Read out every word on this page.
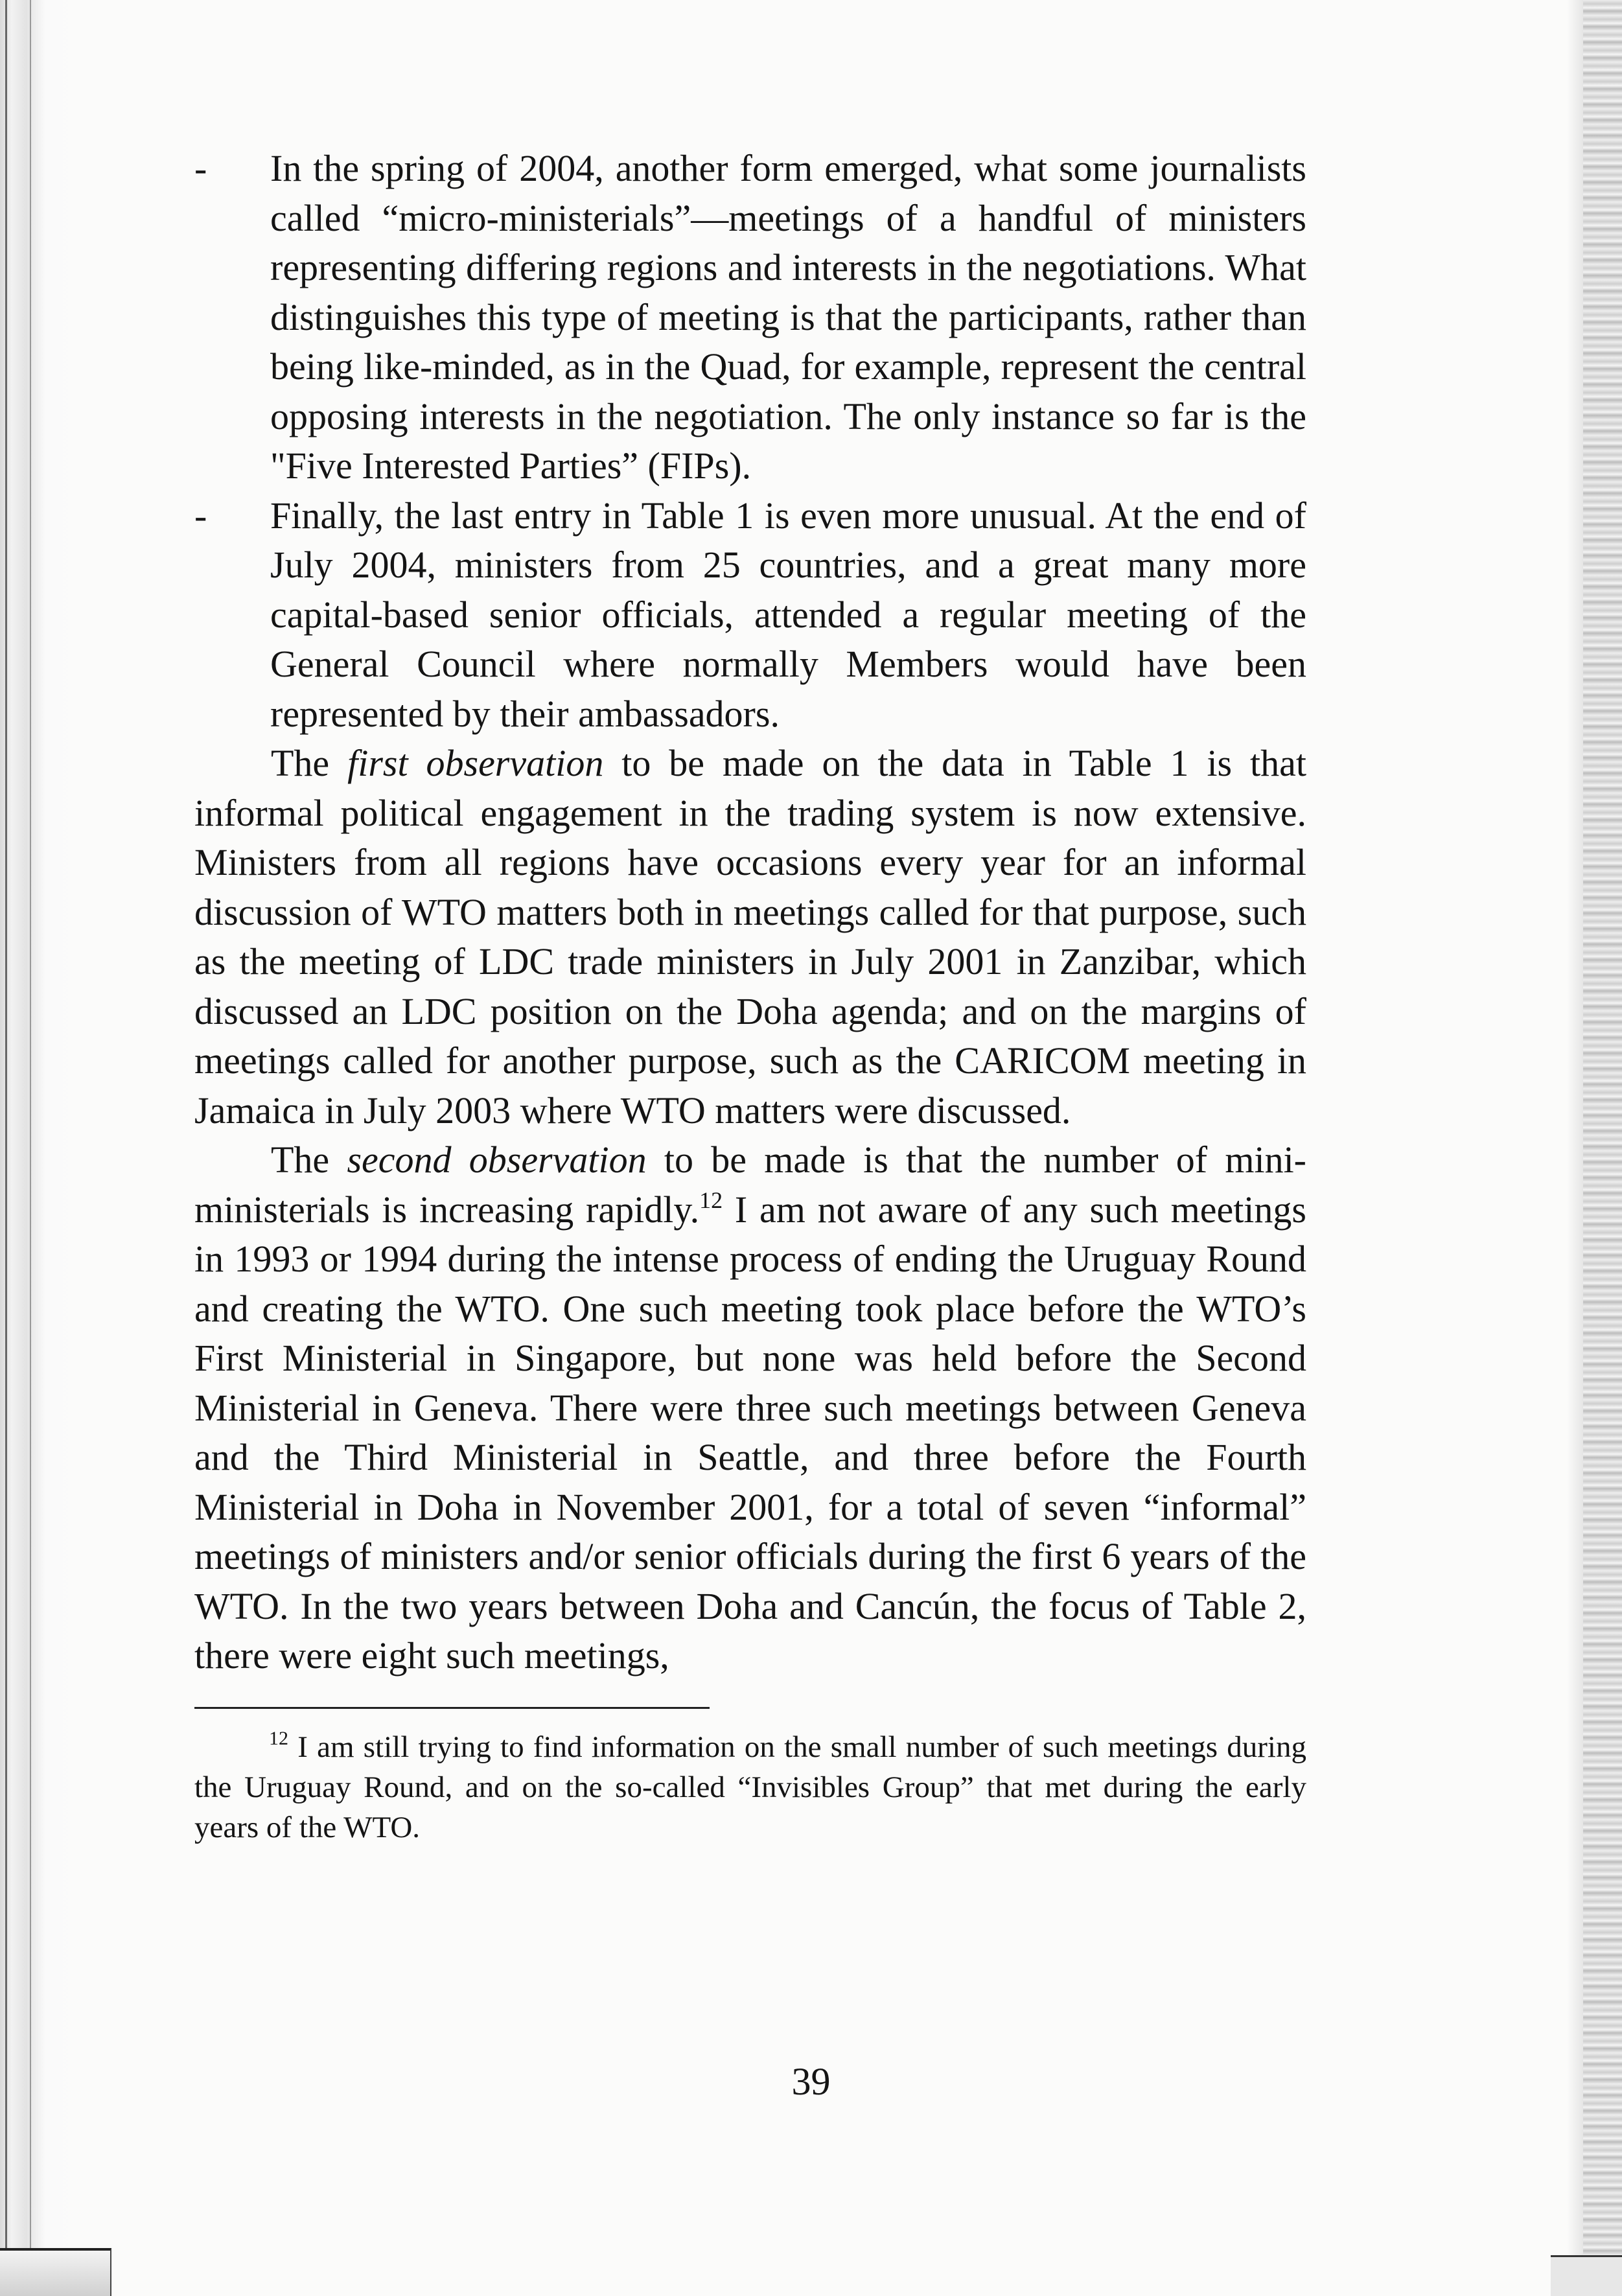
- In the spring of 2004, another form emerged, what some journalists called “micro-ministerials”—meetings of a handful of ministers representing differing regions and interests in the negotiations. What distinguishes this type of meeting is that the participants, rather than being like-minded, as in the Quad, for example, represent the central opposing interests in the negotiation. The only instance so far is the "Five Interested Parties” (FIPs).
- Finally, the last entry in Table 1 is even more unusual. At the end of July 2004, ministers from 25 countries, and a great many more capital-based senior officials, attended a regular meeting of the General Council where normally Members would have been represented by their ambassadors.

The first observation to be made on the data in Table 1 is that informal political engagement in the trading system is now extensive. Ministers from all regions have occasions every year for an informal discussion of WTO matters both in meetings called for that purpose, such as the meeting of LDC trade ministers in July 2001 in Zanzibar, which discussed an LDC position on the Doha agenda; and on the margins of meetings called for another purpose, such as the CARICOM meeting in Jamaica in July 2003 where WTO matters were discussed.

The second observation to be made is that the number of mini-ministerials is increasing rapidly.$^{12}$ I am not aware of any such meetings in 1993 or 1994 during the intense process of ending the Uruguay Round and creating the WTO. One such meeting took place before the WTO’s First Ministerial in Singapore, but none was held before the Second Ministerial in Geneva. There were three such meetings between Geneva and the Third Ministerial in Seattle, and three before the Fourth Ministerial in Doha in November 2001, for a total of seven “informal” meetings of ministers and/or senior officials during the first 6 years of the WTO. In the two years between Doha and Cancún, the focus of Table 2, there were eight such meetings,

$^{12}$ I am still trying to find information on the small number of such meetings during the Uruguay Round, and on the so-called “Invisibles Group” that met during the early years of the WTO.

39
